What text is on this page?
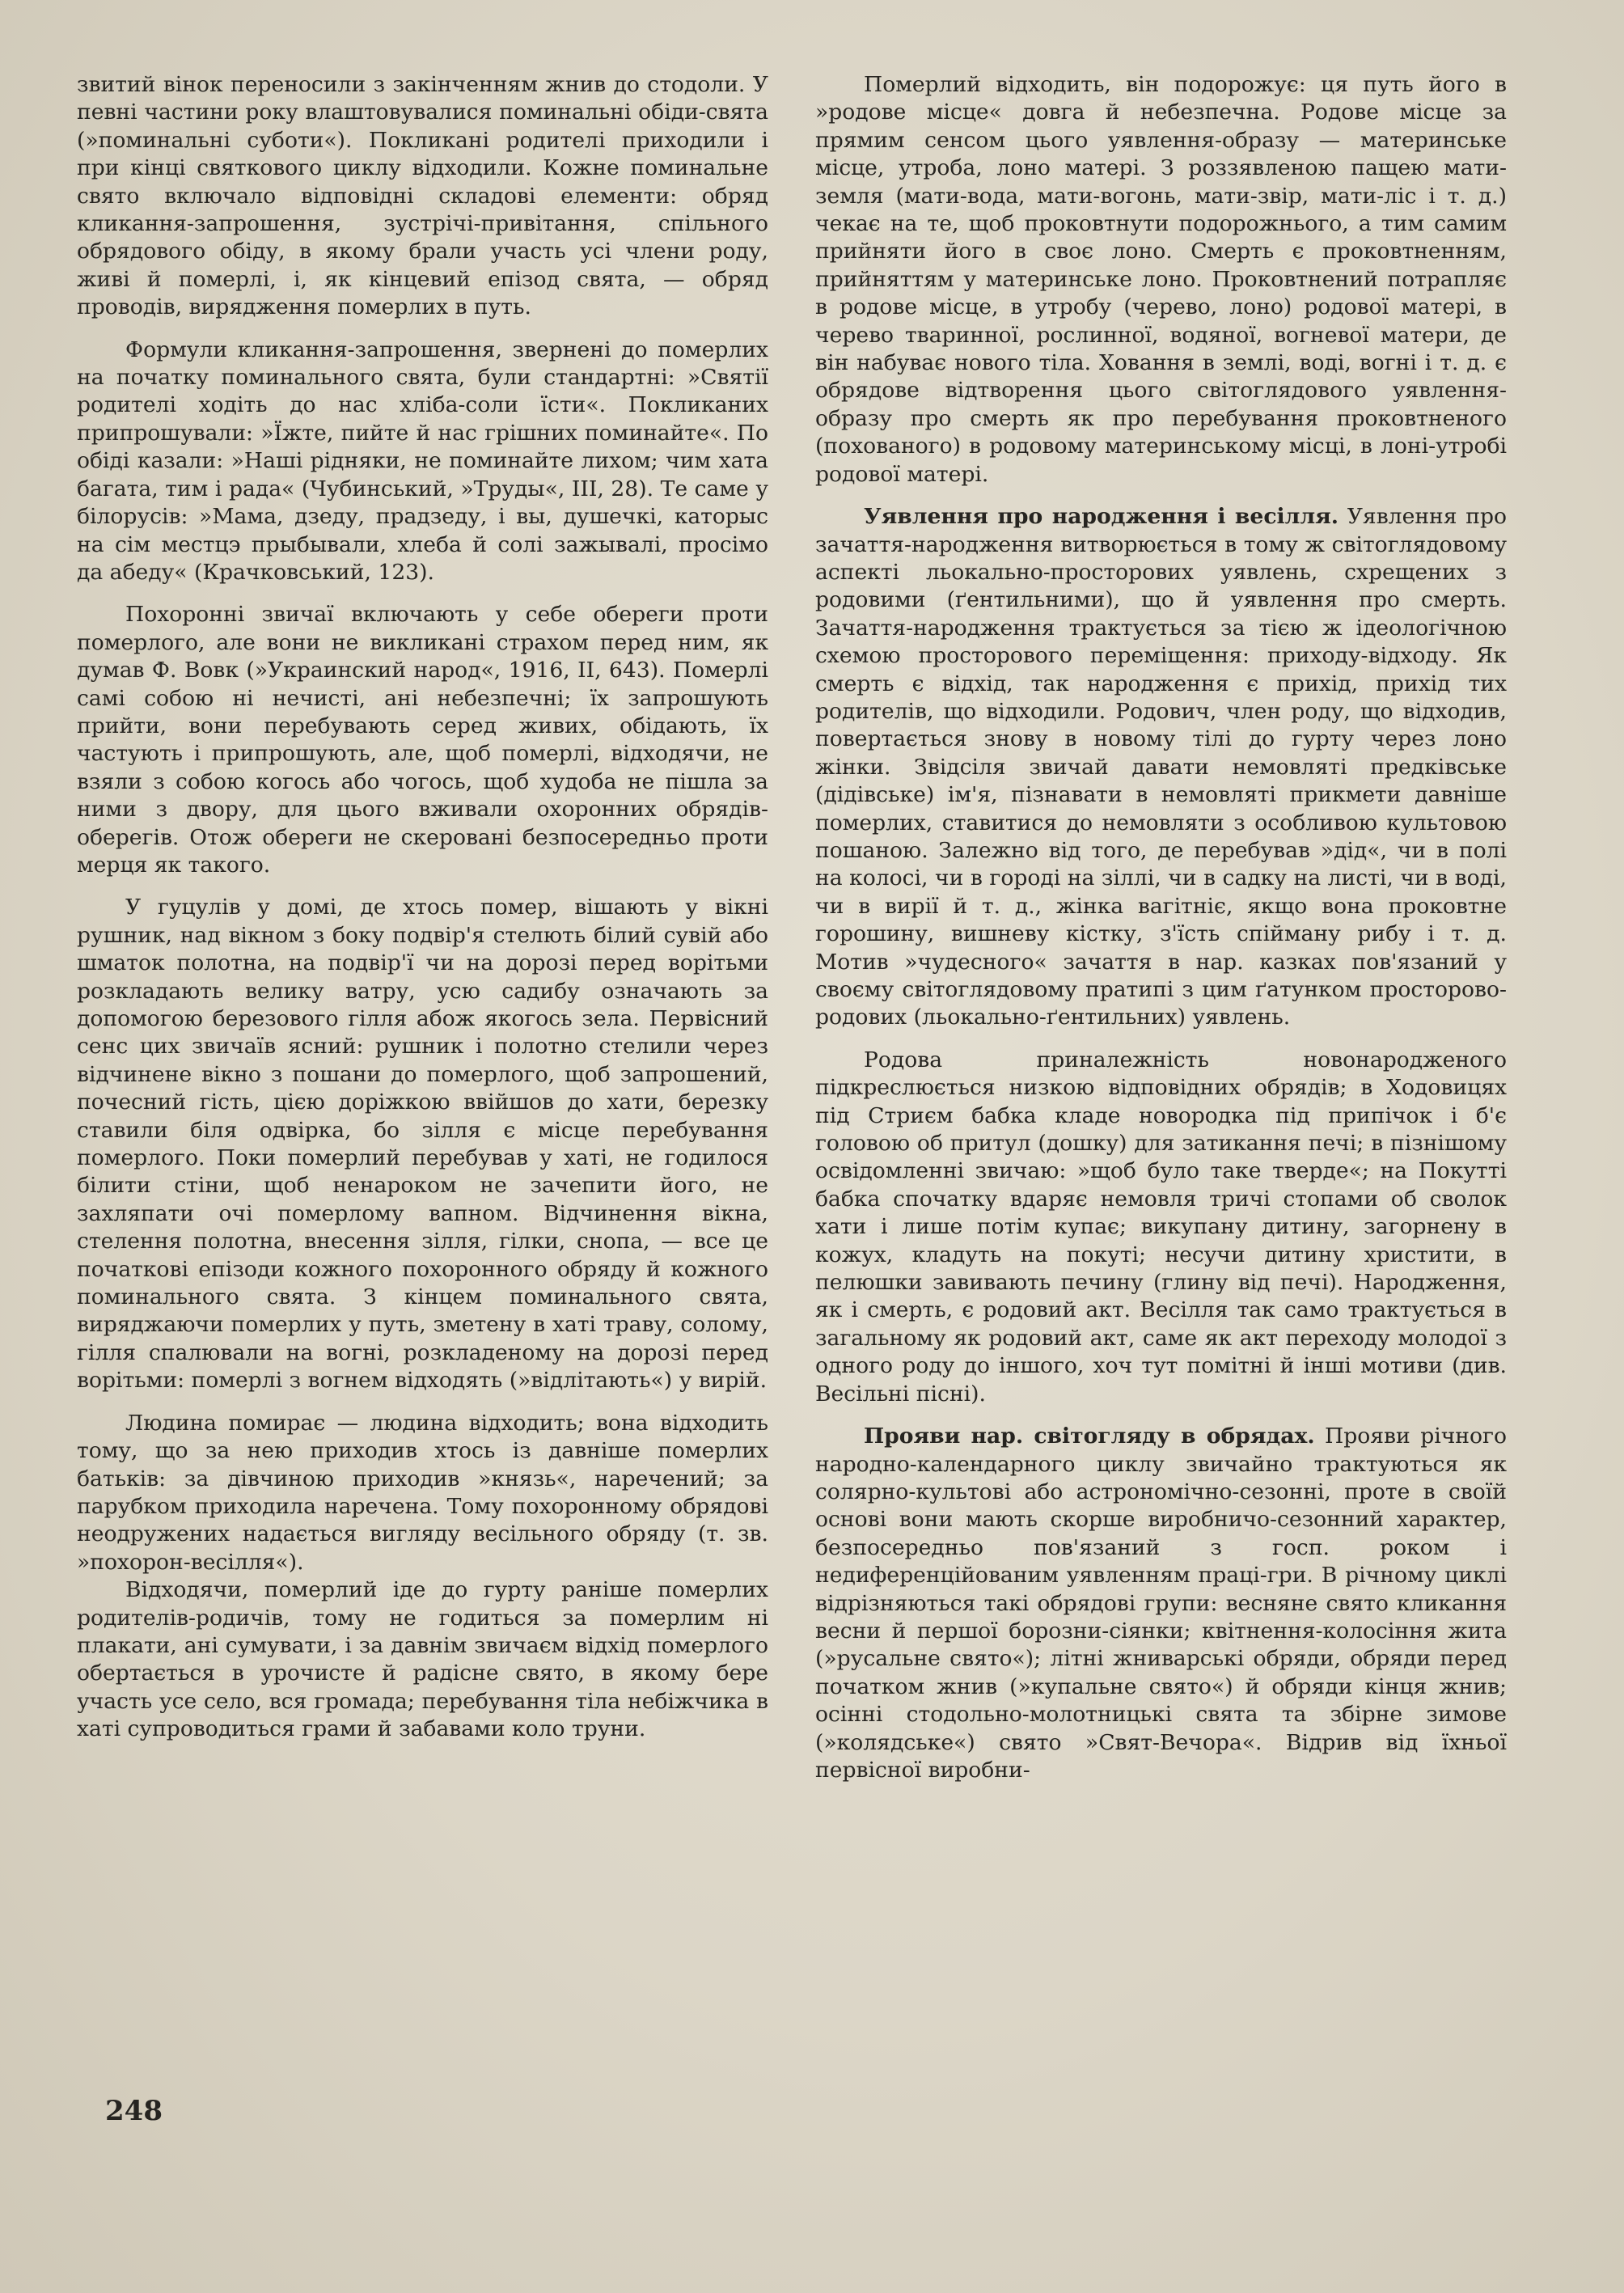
звитий вінок переносили з закінченням жнив до стодоли. У певні частини року влаштовувалися поминальні обіди-свята (»поминальні суботи«). Покликані родителі приходили і при кінці святкового циклу відходили. Кожне поминальне свято включало відповідні складові елементи: обряд кликання-запрошення, зустрічі-привітання, спільного обрядового обіду, в якому брали участь усі члени роду, живі й померлі, і, як кінцевий епізод свята, — обряд проводів, вирядження померлих в путь.

Формули кликання-запрошення, звернені до померлих на початку поминального свята, були стандартні: »Святії родителі ходіть до нас хліба-соли їсти«. Покликаних припрошували: »Їжте, пийте й нас грішних поминайте«. По обіді казали: »Наші рідняки, не поминайте лихом; чим хата багата, тим і рада« (Чубинський, »Труды«, III, 28). Те саме у білорусів: »Мама, дзеду, прадзеду, і вы, душечкі, каторыс на сім местцэ прыбывали, хлеба й солі зажывалі, просімо да абеду« (Крачковський, 123).

Похоронні звичаї включають у себе обереги проти померлого, але вони не викликані страхом перед ним, як думав Ф. Вовк (»Украинский народ«, 1916, II, 643). Померлі самі собою ні нечисті, ані небезпечні; їх запрошують прийти, вони перебувають серед живих, обідають, їх частують і припрошують, але, щоб померлі, відходячи, не взяли з собою когось або чогось, щоб худоба не пішла за ними з двору, для цього вживали охоронних обрядів-оберегів. Отож обереги не скеровані безпосередньо проти мерця як такого.

У гуцулів у домі, де хтось помер, вішають у вікні рушник, над вікном з боку подвір'я стелють білий сувій або шматок полотна, на подвір'ї чи на дорозі перед ворітьми розкладають велику ватру, усю садибу означають за допомогою березового гілля абож якогось зела. Первісний сенс цих звичаїв ясний: рушник і полотно стелили через відчинене вікно з пошани до померлого, щоб запрошений, почесний гість, цією доріжкою ввійшов до хати, березку ставили біля одвірка, бо зілля є місце перебування померлого. Поки померлий перебував у хаті, не годилося білити стіни, щоб ненароком не зачепити його, не захляпати очі померлому вапном. Відчинення вікна, стелення полотна, внесення зілля, гілки, снопа, — все це початкові епізоди кожного похоронного обряду й кожного поминального свята. З кінцем поминального свята, виряджаючи померлих у путь, зметену в хаті траву, солому, гілля спалювали на вогні, розкладеному на дорозі перед ворітьми: померлі з вогнем відходять (»відлітають«) у вирій.

Людина помирає — людина відходить; вона відходить тому, що за нею приходив хтось із давніше померлих батьків: за дівчиною приходив »князь«, наречений; за парубком приходила наречена. Тому похоронному обрядові неодружених надається вигляду весільного обряду (т. зв. »похорон-весілля«).

Відходячи, померлий іде до гурту раніше померлих родителів-родичів, тому не годиться за померлим ні плакати, ані сумувати, і за давнім звичаєм відхід померлого обертається в урочисте й радісне свято, в якому бере участь усе село, вся громада; перебування тіла небіжчика в хаті супроводиться грами й забавами коло труни.

Померлий відходить, він подорожує: ця путь його в »родове місце« довга й небезпечна. Родове місце за прямим сенсом цього уявлення-образу — материнське місце, утроба, лоно матері. З роззявленою пащею мати-земля (мати-вода, мати-вогонь, мати-звір, мати-ліс і т. д.) чекає на те, щоб проковтнути подорожнього, а тим самим прийняти його в своє лоно. Смерть є проковтненням, прийняттям у материнське лоно. Проковтнений потрапляє в родове місце, в утробу (черево, лоно) родової матері, в черево тваринної, рослинної, водяної, вогневої матери, де він набуває нового тіла. Ховання в землі, воді, вогні і т. д. є обрядове відтворення цього світоглядового уявлення-образу про смерть як про перебування проковтненого (похованого) в родовому материнському місці, в лоні-утробі родової матері.

Уявлення про народження і весілля. Уявлення про зачаття-народження витворюється в тому ж світоглядовому аспекті льокально-просторових уявлень, схрещених з родовими (ґентильними), що й уявлення про смерть. Зачаття-народження трактується за тією ж ідеологічною схемою просторового переміщення: приходу-відходу. Як смерть є відхід, так народження є прихід, прихід тих родителів, що відходили. Родович, член роду, що відходив, повертається знову в новому тілі до гурту через лоно жінки. Звідсіля звичай давати немовляті предківське (дідівське) ім'я, пізнавати в немовляті прикмети давніше померлих, ставитися до немовляти з особливою культовою пошаною. Залежно від того, де перебував »дід«, чи в полі на колосі, чи в городі на зіллі, чи в садку на листі, чи в воді, чи в вирії й т. д., жінка вагітніє, якщо вона проковтне горошину, вишневу кістку, з'їсть спійману рибу і т. д. Мотив »чудесного« зачаття в нар. казках пов'язаний у своєму світоглядовому пратипі з цим ґатунком просторово-родових (льокально-ґентильних) уявлень.

Родова приналежність новонародженого підкреслюється низкою відповідних обрядів; в Ходовицях під Стриєм бабка кладе новородка під припічок і б'є головою об притул (дошку) для затикання печі; в пізнішому освідомленні звичаю: »щоб було таке тверде«; на Покутті бабка спочатку вдаряє немовля тричі стопами об сволок хати і лише потім купає; викупану дитину, загорнену в кожух, кладуть на покуті; несучи дитину христити, в пелюшки завивають печину (глину від печі). Народження, як і смерть, є родовий акт. Весілля так само трактується в загальному як родовий акт, саме як акт переходу молодої з одного роду до іншого, хоч тут помітні й інші мотиви (див. Весільні пісні).

Прояви нар. світогляду в обрядах. Прояви річного народно-календарного циклу звичайно трактуються як солярно-культові або астрономічно-сезонні, проте в своїй основі вони мають скорше виробничо-сезонний характер, безпосередньо пов'язаний з госп. роком і недиференційованим уявленням праці-гри. В річному циклі відрізняються такі обрядові групи: весняне свято кликання весни й першої борозни-сіянки; квітнення-колосіння жита (»русальне свято«); літні жниварські обряди, обряди перед початком жнив (»купальне свято«) й обряди кінця жнив; осінні стодольно-молотницькі свята та збірне зимове (»колядське«) свято »Свят-Вечора«. Відрив від їхньої первісної виробни-

248
